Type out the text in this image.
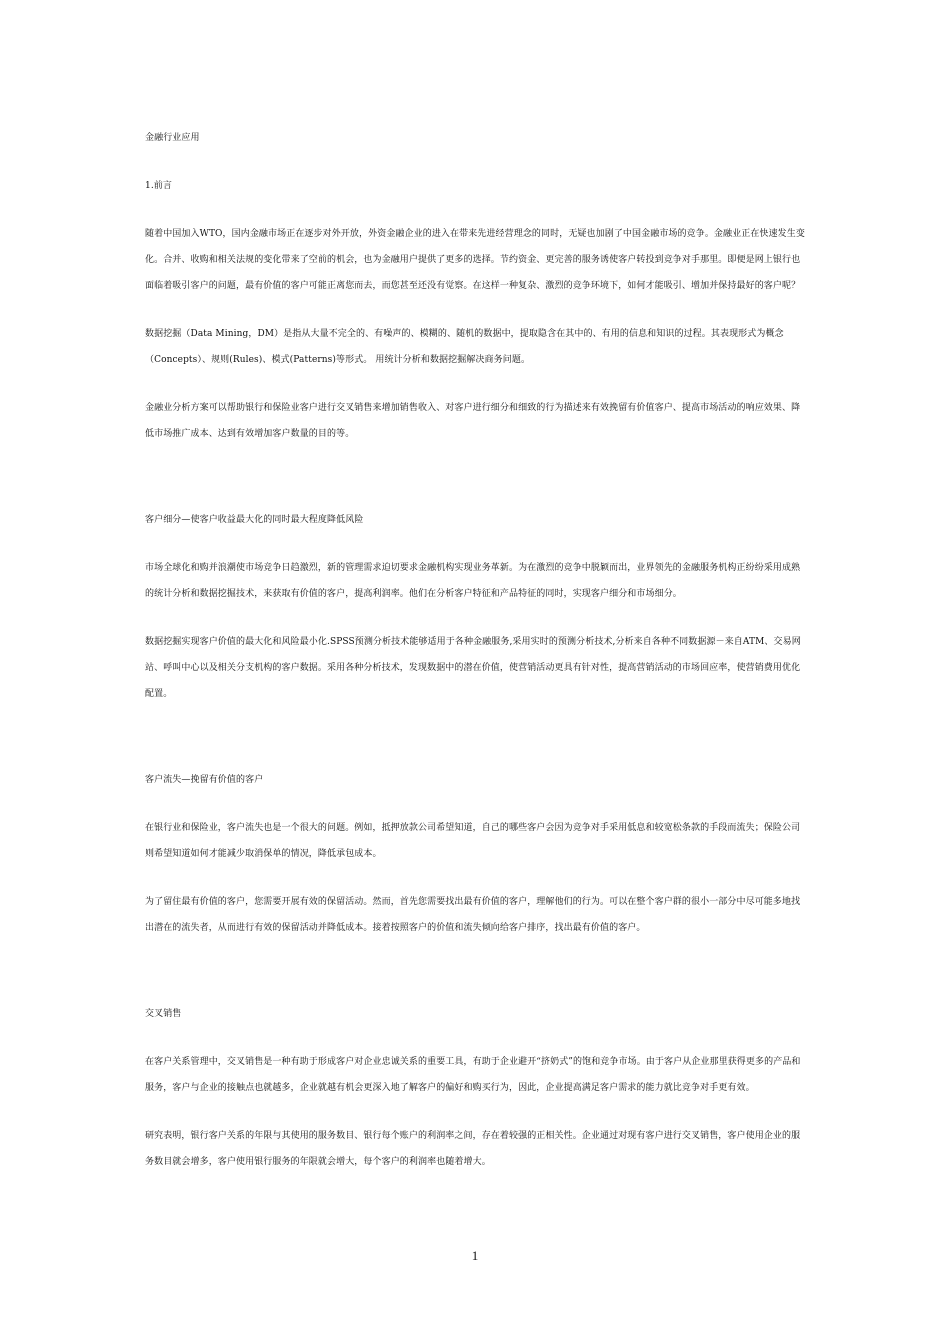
金融行业应用

1.前言

随着中国加入WTO，国内金融市场正在逐步对外开放，外资金融企业的进入在带来先进经营理念的同时，无疑也加剧了中国金融市场的竞争。金融业正在快速发生变化。合并、收购和相关法规的变化带来了空前的机会，也为金融用户提供了更多的选择。节约资金、更完善的服务诱使客户转投到竞争对手那里。即便是网上银行也面临着吸引客户的问题，最有价值的客户可能正离您而去，而您甚至还没有觉察。在这样一种复杂、激烈的竞争环境下，如何才能吸引、增加并保持最好的客户呢？

数据挖掘（Data Mining，DM）是指从大量不完全的、有噪声的、模糊的、随机的数据中，提取隐含在其中的、有用的信息和知识的过程。其表现形式为概念（Concepts）、规则(Rules)、模式(Patterns)等形式。 用统计分析和数据挖掘解决商务问题。

金融业分析方案可以帮助银行和保险业客户进行交叉销售来增加销售收入、对客户进行细分和细致的行为描述来有效挽留有价值客户、提高市场活动的响应效果、降低市场推广成本、达到有效增加客户数量的目的等。

客户细分—使客户收益最大化的同时最大程度降低风险

市场全球化和购并浪潮使市场竞争日趋激烈，新的管理需求迫切要求金融机构实现业务革新。为在激烈的竞争中脱颖而出，业界领先的金融服务机构正纷纷采用成熟的统计分析和数据挖掘技术，来获取有价值的客户，提高利润率。他们在分析客户特征和产品特征的同时，实现客户细分和市场细分。

数据挖掘实现客户价值的最大化和风险最小化.SPSS预测分析技术能够适用于各种金融服务,采用实时的预测分析技术,分析来自各种不同数据源－来自ATM、交易网站、呼叫中心以及相关分支机构的客户数据。采用各种分析技术，发现数据中的潜在价值，使营销活动更具有针对性，提高营销活动的市场回应率，使营销费用优化配置。

客户流失—挽留有价值的客户

在银行业和保险业，客户流失也是一个很大的问题。例如，抵押放款公司希望知道，自己的哪些客户会因为竞争对手采用低息和较宽松条款的手段而流失；保险公司则希望知道如何才能减少取消保单的情况，降低承包成本。

为了留住最有价值的客户，您需要开展有效的保留活动。然而，首先您需要找出最有价值的客户，理解他们的行为。可以在整个客户群的很小一部分中尽可能多地找出潜在的流失者，从而进行有效的保留活动并降低成本。接着按照客户的价值和流失倾向给客户排序，找出最有价值的客户。

交叉销售

在客户关系管理中，交叉销售是一种有助于形成客户对企业忠诚关系的重要工具，有助于企业避开“挤奶式”的饱和竞争市场。由于客户从企业那里获得更多的产品和服务，客户与企业的接触点也就越多，企业就越有机会更深入地了解客户的偏好和购买行为，因此，企业提高满足客户需求的能力就比竞争对手更有效。

研究表明，银行客户关系的年限与其使用的服务数目、银行每个账户的利润率之间，存在着较强的正相关性。企业通过对现有客户进行交叉销售，客户使用企业的服务数目就会增多，客户使用银行服务的年限就会增大，每个客户的利润率也随着增大。

1
